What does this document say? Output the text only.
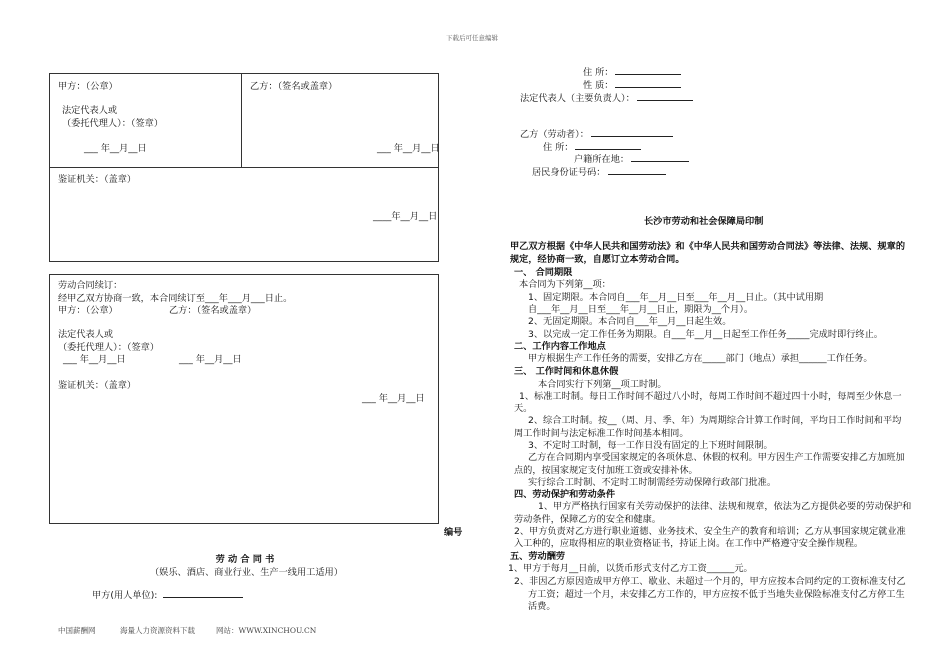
下载后可任意编辑
甲方：（公章）	乙方：（签名或盖章）
法定代表人或
（委托代理人）：（签章）
___ 年__月__日	___ 年__月__日
鉴证机关：（盖章）
____年__月__日
劳动合同续订：
经甲乙双方协商一致，本合同续订至___年___月___日止。
甲方：（公章）	乙方：（签名或盖章）
法定代表人或
（委托代理人）：（签章）
___ 年__月__日	___ 年__月__日
鉴证机关：（盖章）
___ 年__月__日
编号
劳 动 合 同 书
（娱乐、酒店、商业行业、生产一线用工适用）
甲方(用人单位):
住 所：
性 质：
法定代表人（主要负责人）：
乙方（劳动者）：
住 所：
户籍所在地：
居民身份证号码：
长沙市劳动和社会保障局印制
甲乙双方根据《中华人民共和国劳动法》和《中华人民共和国劳动合同法》等法律、法规、规章的
规定，经协商一致，自愿订立本劳动合同。
一、 合同期限
本合同为下列第__项：
1、固定期限。本合同自___年__月__日至___年__月__日止。（其中试用期
自___年__月__日至___年__月__日止，期限为__个月）。
2、无固定期限。本合同自___年__月__日起生效。
3、以完成一定工作任务为期限。自___年__月__日起至工作任务_____完成时即行终止。
二、工作内容工作地点
甲方根据生产工作任务的需要，安排乙方在_____部门（地点）承担______工作任务。
三、 工作时间和休息休假
本合同实行下列第__项工时制。
1、标准工时制。每日工作时间不超过八小时，每周工作时间不超过四十小时，每周至少休息一
天。
2、综合工时制。按__（周、月、季、年）为周期综合计算工作时间，平均日工作时间和平均
周工作时间与法定标准工作时间基本相同。
3、不定时工时制，每一工作日没有固定的上下班时间限制。
乙方在合同期内享受国家规定的各项休息、休假的权利。甲方因生产工作需要安排乙方加班加
点的，按国家规定支付加班工资或安排补休。
实行综合工时制、不定时工时制需经劳动保障行政部门批准。
四、劳动保护和劳动条件
1、甲方严格执行国家有关劳动保护的法律、法规和规章，依法为乙方提供必要的劳动保护和
劳动条件，保障乙方的安全和健康。
2、甲方负责对乙方进行职业道德、业务技术、安全生产的教育和培训；乙方从事国家规定就业准
入工种的，应取得相应的职业资格证书，持证上岗。在工作中严格遵守安全操作规程。
五、劳动酬劳
1、甲方于每月__日前，以货币形式支付乙方工资______元。
2、非因乙方原因造成甲方停工、歇业、未超过一个月的，甲方应按本合同约定的工资标准支付乙
方工资；超过一个月，未安排乙方工作的，甲方应按不低于当地失业保险标准支付乙方停工生
活费。
中国薪酬网	海量人力资源资料下载	网站：WWW.XINCHOU.CN
